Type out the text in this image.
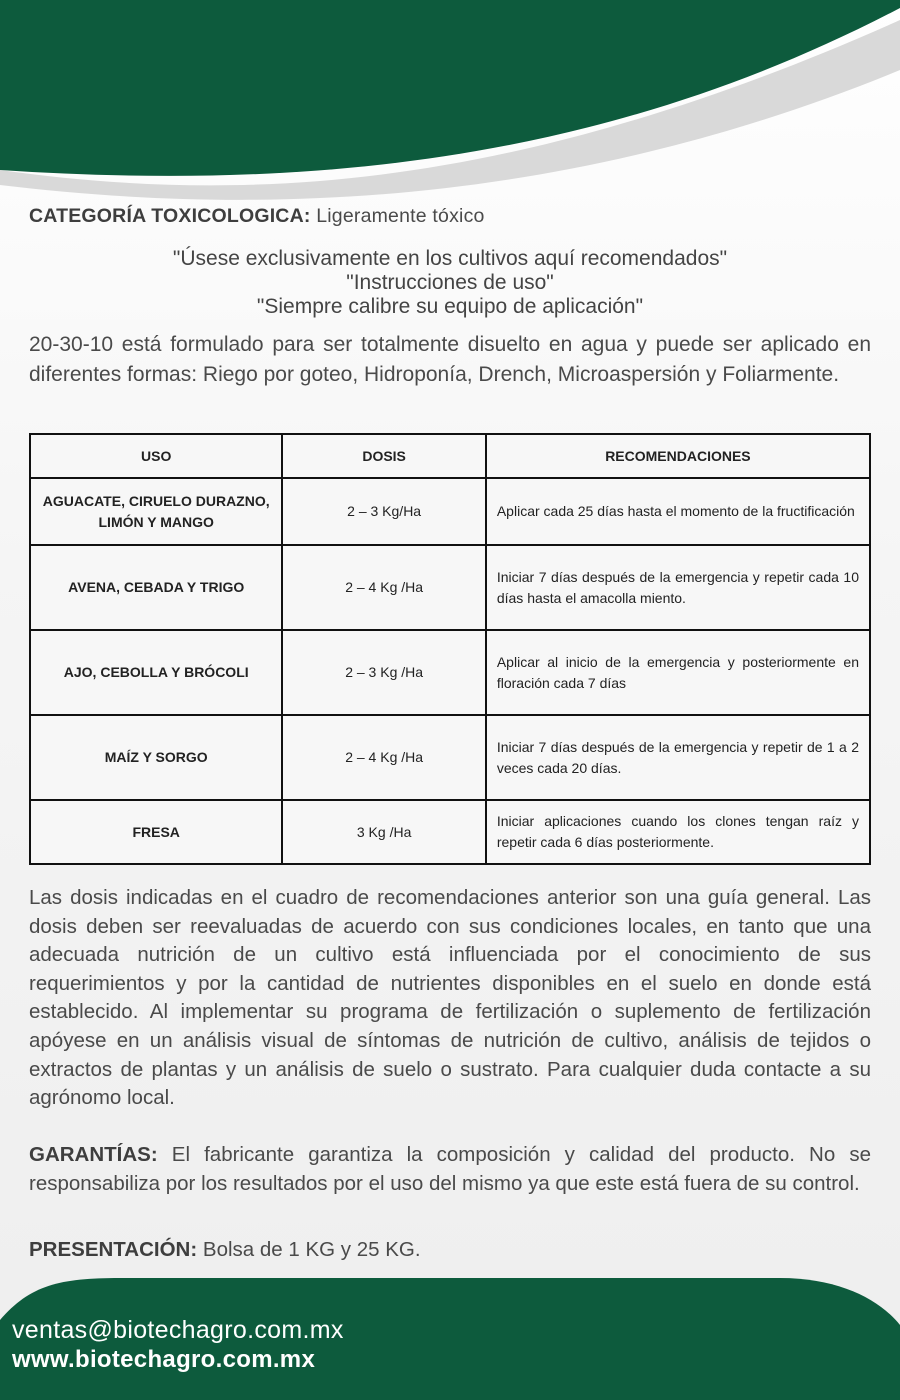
CATEGORÍA TOXICOLOGICA: Ligeramente tóxico
"Úsese exclusivamente en los cultivos aquí recomendados"
"Instrucciones de uso"
"Siempre calibre su equipo de aplicación"
20-30-10 está formulado para ser totalmente disuelto en agua y puede ser aplicado en diferentes formas: Riego por goteo, Hidroponía, Drench, Microaspersión y Foliarmente.
USO	DOSIS	RECOMENDACIONES
AGUACATE, CIRUELO DURAZNO, LIMÓN Y MANGO	2 – 3 Kg/Ha	Aplicar cada 25 días hasta el momento de la fructificación
AVENA, CEBADA Y TRIGO	2 – 4 Kg /Ha	Iniciar 7 días después de la emergencia y repetir cada 10 días hasta el amacolla miento.
AJO, CEBOLLA Y BRÓCOLI	2 – 3 Kg /Ha	Aplicar al inicio de la emergencia y posteriormente en floración cada 7 días
MAÍZ Y SORGO	2 – 4 Kg /Ha	Iniciar 7 días después de la emergencia y repetir de 1 a 2 veces cada 20 días.
FRESA	3 Kg /Ha	Iniciar aplicaciones cuando los clones tengan raíz y repetir cada 6 días posteriormente.
Las dosis indicadas en el cuadro de recomendaciones anterior son una guía general. Las dosis deben ser reevaluadas de acuerdo con sus condiciones locales, en tanto que una adecuada nutrición de un cultivo está influenciada por el conocimiento de sus requerimientos y por la cantidad de nutrientes disponibles en el suelo en donde está establecido. Al implementar su programa de fertilización o suplemento de fertilización apóyese en un análisis visual de síntomas de nutrición de cultivo, análisis de tejidos o extractos de plantas y un análisis de suelo o sustrato. Para cualquier duda contacte a su agrónomo local.
GARANTÍAS: El fabricante garantiza la composición y calidad del producto. No se responsabiliza por los resultados por el uso del mismo ya que este está fuera de su control.
PRESENTACIÓN: Bolsa de 1 KG y 25 KG.
ventas@biotechagro.com.mx
www.biotechagro.com.mx
